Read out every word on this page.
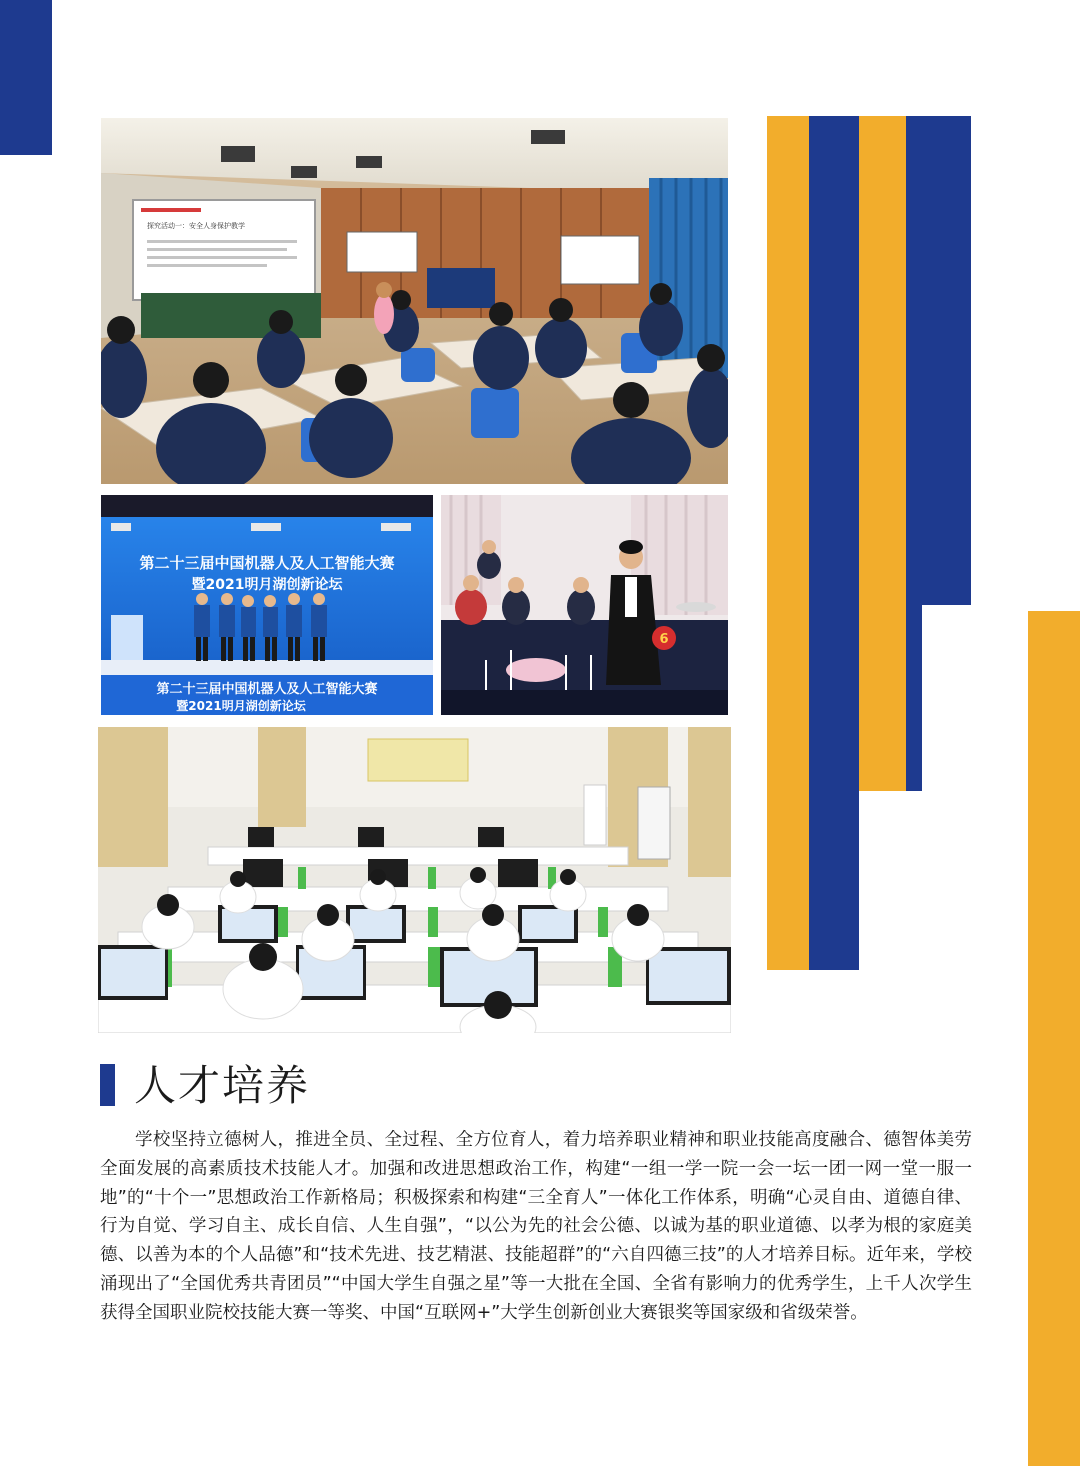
探究活动一：安全人身保护教学
第二十三届中国机器人及人工智能大赛
暨2021明月湖创新论坛
第二十三届中国机器人及人工智能大赛
暨2021明月湖创新论坛
6
人才培养

学校坚持立德树人，推进全员、全过程、全方位育人，着力培养职业精神和职业技能高度融合、德智体美劳全面发展的高素质技术技能人才。加强和改进思想政治工作，构建“一组一学一院一会一坛一团一网一堂一服一地”的“十个一”思想政治工作新格局；积极探索和构建“三全育人”一体化工作体系，明确“心灵自由、道德自律、行为自觉、学习自主、成长自信、人生自强”，“以公为先的社会公德、以诚为基的职业道德、以孝为根的家庭美德、以善为本的个人品德”和“技术先进、技艺精湛、技能超群”的“六自四德三技”的人才培养目标。近年来，学校涌现出了“全国优秀共青团员”“中国大学生自强之星”等一大批在全国、全省有影响力的优秀学生，上千人次学生获得全国职业院校技能大赛一等奖、中国“互联网+”大学生创新创业大赛银奖等国家级和省级荣誉。
